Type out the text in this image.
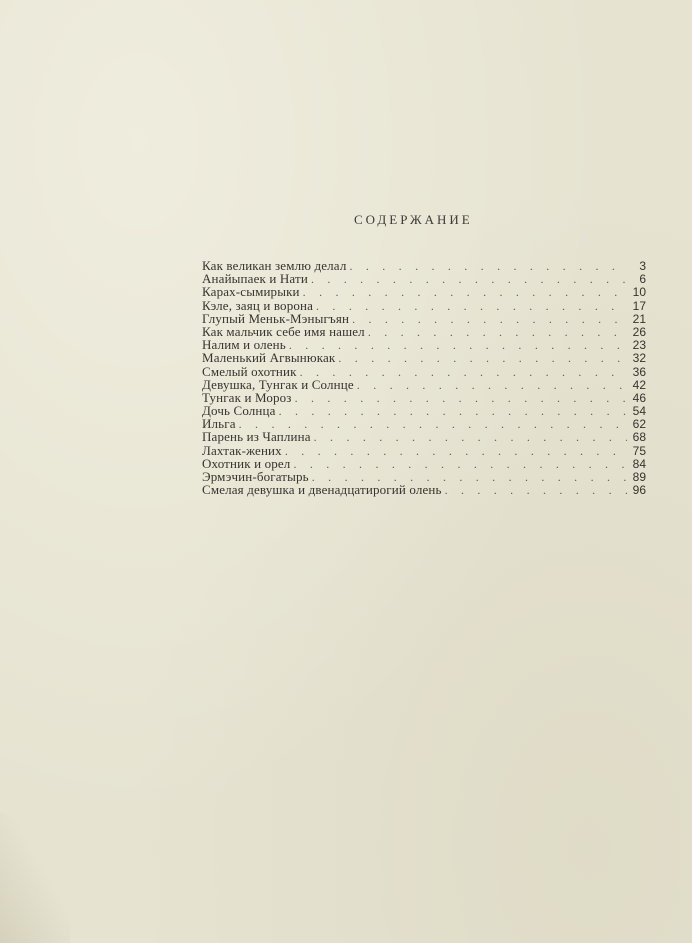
СОДЕРЖАНИЕ
Как великан землю делал . . .	3
Анайыпаек и Нати . . .	6
Карах-сымирыки . . .	10
Кэле, заяц и ворона . . .	17
Глупый Меньк-Мэныгъян . . .	21
Как мальчик себе имя нашел . . .	26
Налим и олень . . .	23
Маленький Агвынюкак . . .	32
Смелый охотник . . .	36
Девушка, Тунгак и Солнце . . .	42
Тунгак и Мороз . . .	46
Дочь Солнца . . .	54
Ильга . . .	62
Парень из Чаплина . . .	68
Лахтак-жених . . .	75
Охотник и орел . . .	84
Эрмэчин-богатырь . . .	89
Смелая девушка и двенадцатирогий олень . . .	96
